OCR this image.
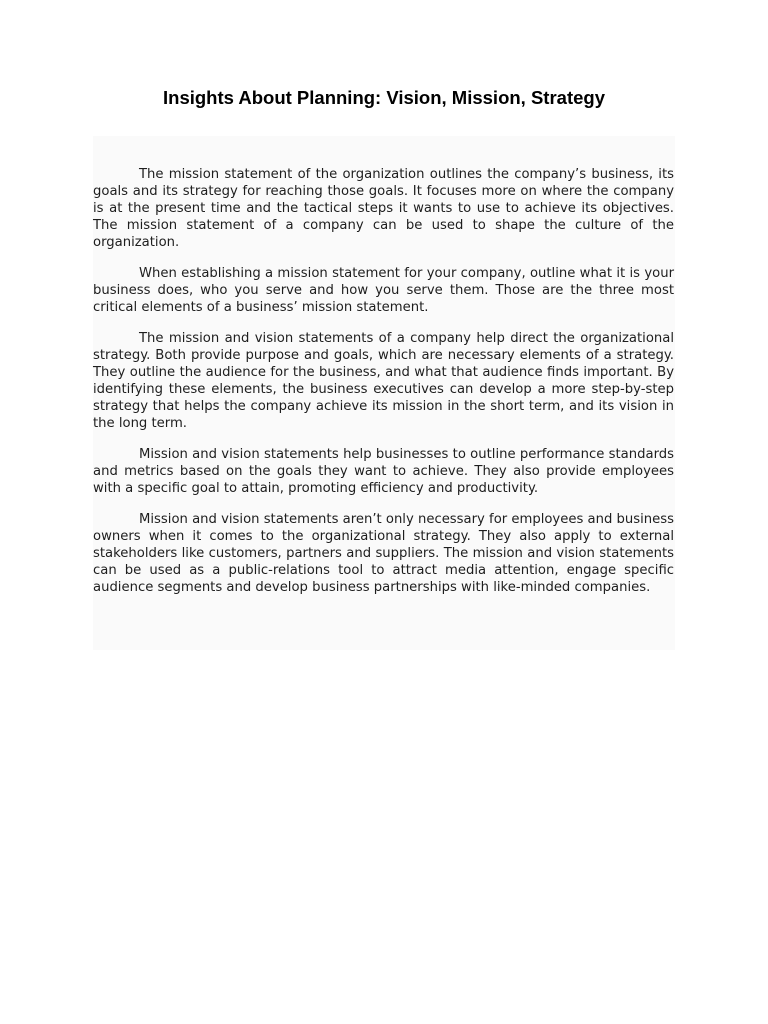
Insights About Planning: Vision, Mission, Strategy

The mission statement of the organization outlines the company’s business, its goals and its strategy for reaching those goals. It focuses more on where the company is at the present time and the tactical steps it wants to use to achieve its objectives. The mission statement of a company can be used to shape the culture of the organization.

When establishing a mission statement for your company, outline what it is your business does, who you serve and how you serve them. Those are the three most critical elements of a business’ mission statement.

The mission and vision statements of a company help direct the organizational strategy. Both provide purpose and goals, which are necessary elements of a strategy. They outline the audience for the business, and what that audience finds important. By identifying these elements, the business executives can develop a more step-by-step strategy that helps the company achieve its mission in the short term, and its vision in the long term.

Mission and vision statements help businesses to outline performance standards and metrics based on the goals they want to achieve. They also provide employees with a specific goal to attain, promoting efficiency and productivity.

Mission and vision statements aren’t only necessary for employees and business owners when it comes to the organizational strategy. They also apply to external stakeholders like customers, partners and suppliers. The mission and vision statements can be used as a public-relations tool to attract media attention, engage specific audience segments and develop business partnerships with like-minded companies.
